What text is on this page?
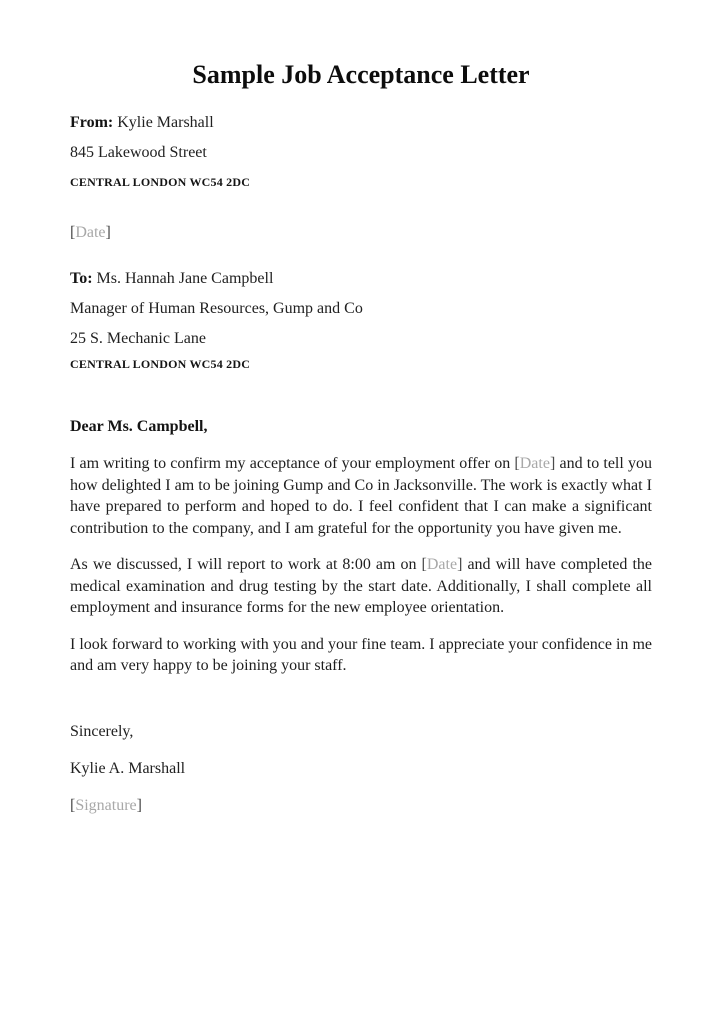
Sample Job Acceptance Letter

From: Kylie Marshall

845 Lakewood Street

CENTRAL LONDON WC54 2DC

[Date]

To: Ms. Hannah Jane Campbell

Manager of Human Resources, Gump and Co

25 S. Mechanic Lane

CENTRAL LONDON WC54 2DC

Dear Ms. Campbell,

I am writing to confirm my acceptance of your employment offer on [Date] and to tell you how delighted I am to be joining Gump and Co in Jacksonville. The work is exactly what I have prepared to perform and hoped to do. I feel confident that I can make a significant contribution to the company, and I am grateful for the opportunity you have given me.

As we discussed, I will report to work at 8:00 am on [Date] and will have completed the medical examination and drug testing by the start date. Additionally, I shall complete all employment and insurance forms for the new employee orientation.

I look forward to working with you and your fine team. I appreciate your confidence in me and am very happy to be joining your staff.

Sincerely,

Kylie A. Marshall

[Signature]
